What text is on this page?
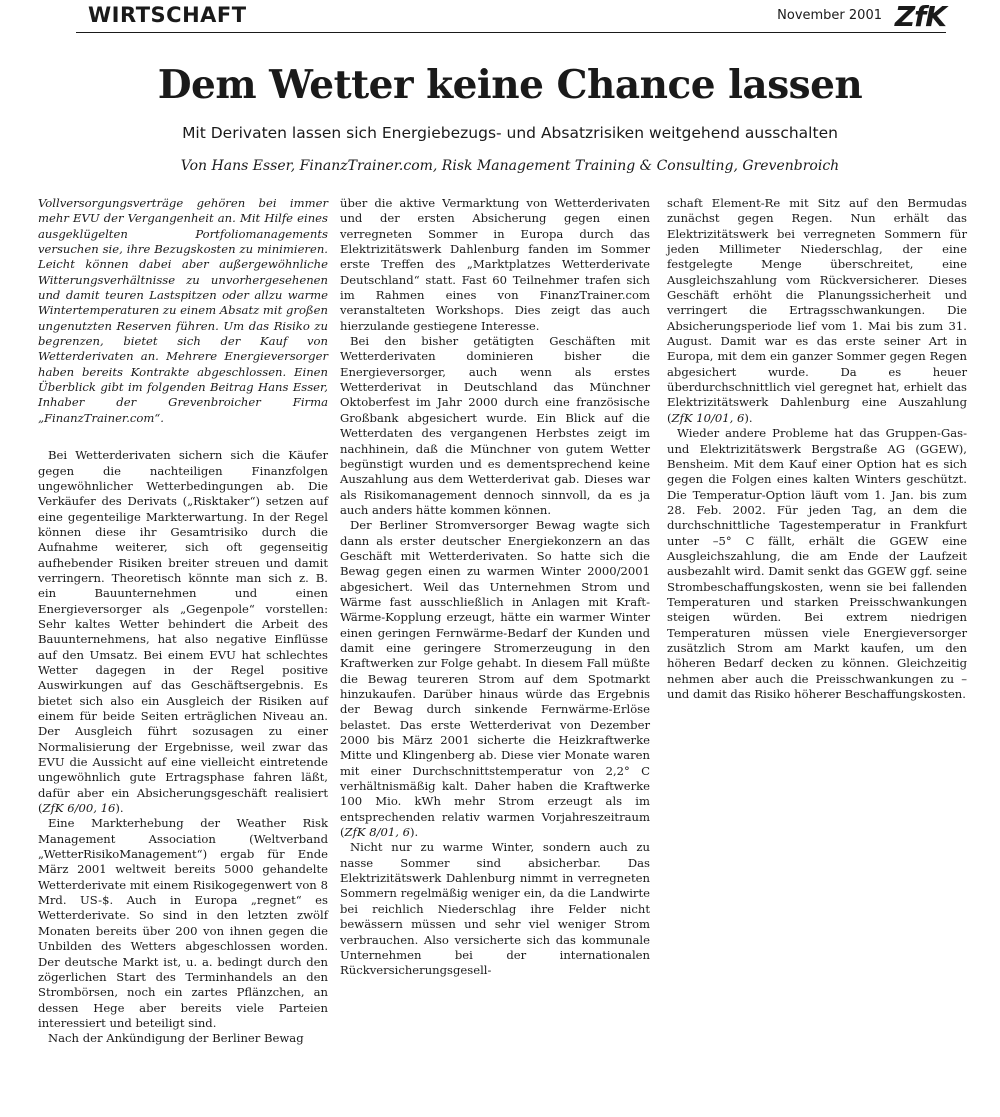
WIRTSCHAFT	November 2001 ZfK
Dem Wetter keine Chance lassen
Mit Derivaten lassen sich Energiebezugs- und Absatzrisiken weitgehend ausschalten
Von Hans Esser, FinanzTrainer.com, Risk Management Training & Consulting, Grevenbroich

Vollversorgungsverträge gehören bei immer mehr EVU der Vergangenheit an. Mit Hilfe eines ausgeklügelten Portfoliomanagements versuchen sie, ihre Bezugskosten zu minimieren. Leicht können dabei aber außergewöhnliche Witterungsverhältnisse zu unvorhergesehenen und damit teuren Lastspitzen oder allzu warme Wintertemperaturen zu einem Absatz mit großen ungenutzten Reserven führen. Um das Risiko zu begrenzen, bietet sich der Kauf von Wetterderivaten an. Mehrere Energieversorger haben bereits Kontrakte abgeschlossen. Einen Überblick gibt im folgenden Beitrag Hans Esser, Inhaber der Grevenbroicher Firma „FinanzTrainer.com“.

Bei Wetterderivaten sichern sich die Käufer gegen die nachteiligen Finanzfolgen ungewöhnlicher Wetterbedingungen ab. Die Verkäufer des Derivats („Risktaker“) setzen auf eine gegenteilige Markterwartung. In der Regel können diese ihr Gesamtrisiko durch die Aufnahme weiterer, sich oft gegenseitig aufhebender Risiken breiter streuen und damit verringern. Theoretisch könnte man sich z. B. ein Bauunternehmen und einen Energieversorger als „Gegenpole“ vorstellen: Sehr kaltes Wetter behindert die Arbeit des Bauunternehmens, hat also negative Einflüsse auf den Umsatz. Bei einem EVU hat schlechtes Wetter dagegen in der Regel positive Auswirkungen auf das Geschäftsergebnis. Es bietet sich also ein Ausgleich der Risiken auf einem für beide Seiten erträglichen Niveau an. Der Ausgleich führt sozusagen zu einer Normalisierung der Ergebnisse, weil zwar das EVU die Aussicht auf eine vielleicht eintretende ungewöhnlich gute Ertragsphase fahren läßt, dafür aber ein Absicherungsgeschäft realisiert (ZfK 6/00, 16).

Eine Markterhebung der Weather Risk Management Association (Weltverband „WetterRisikoManagement“) ergab für Ende März 2001 weltweit bereits 5000 gehandelte Wetterderivate mit einem Risikogegenwert von 8 Mrd. US-$. Auch in Europa „regnet“ es Wetterderivate. So sind in den letzten zwölf Monaten bereits über 200 von ihnen gegen die Unbilden des Wetters abgeschlossen worden. Der deutsche Markt ist, u. a. bedingt durch den zögerlichen Start des Terminhandels an den Strombörsen, noch ein zartes Pflänzchen, an dessen Hege aber bereits viele Parteien interessiert und beteiligt sind.

Nach der Ankündigung der Berliner Bewag

über die aktive Vermarktung von Wetterderivaten und der ersten Absicherung gegen einen verregneten Sommer in Europa durch das Elektrizitätswerk Dahlenburg fanden im Sommer erste Treffen des „Marktplatzes Wetterderivate Deutschland“ statt. Fast 60 Teilnehmer trafen sich im Rahmen eines von FinanzTrainer.com veranstalteten Workshops. Dies zeigt das auch hierzulande gestiegene Interesse.

Bei den bisher getätigten Geschäften mit Wetterderivaten dominieren bisher die Energieversorger, auch wenn als erstes Wetterderivat in Deutschland das Münchner Oktoberfest im Jahr 2000 durch eine französische Großbank abgesichert wurde. Ein Blick auf die Wetterdaten des vergangenen Herbstes zeigt im nachhinein, daß die Münchner von gutem Wetter begünstigt wurden und es dementsprechend keine Auszahlung aus dem Wetterderivat gab. Dieses war als Risikomanagement dennoch sinnvoll, da es ja auch anders hätte kommen können.

Der Berliner Stromversorger Bewag wagte sich dann als erster deutscher Energiekonzern an das Geschäft mit Wetterderivaten. So hatte sich die Bewag gegen einen zu warmen Winter 2000/2001 abgesichert. Weil das Unternehmen Strom und Wärme fast ausschließlich in Anlagen mit Kraft-Wärme-Kopplung erzeugt, hätte ein warmer Winter einen geringen Fernwärme-Bedarf der Kunden und damit eine geringere Stromerzeugung in den Kraftwerken zur Folge gehabt. In diesem Fall müßte die Bewag teureren Strom auf dem Spotmarkt hinzukaufen. Darüber hinaus würde das Ergebnis der Bewag durch sinkende Fernwärme-Erlöse belastet. Das erste Wetterderivat von Dezember 2000 bis März 2001 sicherte die Heizkraftwerke Mitte und Klingenberg ab. Diese vier Monate waren mit einer Durchschnittstemperatur von 2,2° C verhältnismäßig kalt. Daher haben die Kraftwerke 100 Mio. kWh mehr Strom erzeugt als im entsprechenden relativ warmen Vorjahreszeitraum (ZfK 8/01, 6).

Nicht nur zu warme Winter, sondern auch zu nasse Sommer sind absicherbar. Das Elektrizitätswerk Dahlenburg nimmt in verregneten Sommern regelmäßig weniger ein, da die Landwirte bei reichlich Niederschlag ihre Felder nicht bewässern müssen und sehr viel weniger Strom verbrauchen. Also versicherte sich das kommunale Unternehmen bei der internationalen Rückversicherungsgesell-

schaft Element-Re mit Sitz auf den Bermudas zunächst gegen Regen. Nun erhält das Elektrizitätswerk bei verregneten Sommern für jeden Millimeter Niederschlag, der eine festgelegte Menge überschreitet, eine Ausgleichszahlung vom Rückversicherer. Dieses Geschäft erhöht die Planungssicherheit und verringert die Ertragsschwankungen. Die Absicherungsperiode lief vom 1. Mai bis zum 31. August. Damit war es das erste seiner Art in Europa, mit dem ein ganzer Sommer gegen Regen abgesichert wurde. Da es heuer überdurchschnittlich viel geregnet hat, erhielt das Elektrizitätswerk Dahlenburg eine Auszahlung (ZfK 10/01, 6).

Wieder andere Probleme hat das Gruppen-Gas- und Elektrizitätswerk Bergstraße AG (GGEW), Bensheim. Mit dem Kauf einer Option hat es sich gegen die Folgen eines kalten Winters geschützt. Die Temperatur-Option läuft vom 1. Jan. bis zum 28. Feb. 2002. Für jeden Tag, an dem die durchschnittliche Tagestemperatur in Frankfurt unter –5° C fällt, erhält die GGEW eine Ausgleichszahlung, die am Ende der Laufzeit ausbezahlt wird. Damit senkt das GGEW ggf. seine Strombeschaffungskosten, wenn sie bei fallenden Temperaturen und starken Preisschwankungen steigen würden. Bei extrem niedrigen Temperaturen müssen viele Energieversorger zusätzlich Strom am Markt kaufen, um den höheren Bedarf decken zu können. Gleichzeitig nehmen aber auch die Preisschwankungen zu – und damit das Risiko höherer Beschaffungskosten.
